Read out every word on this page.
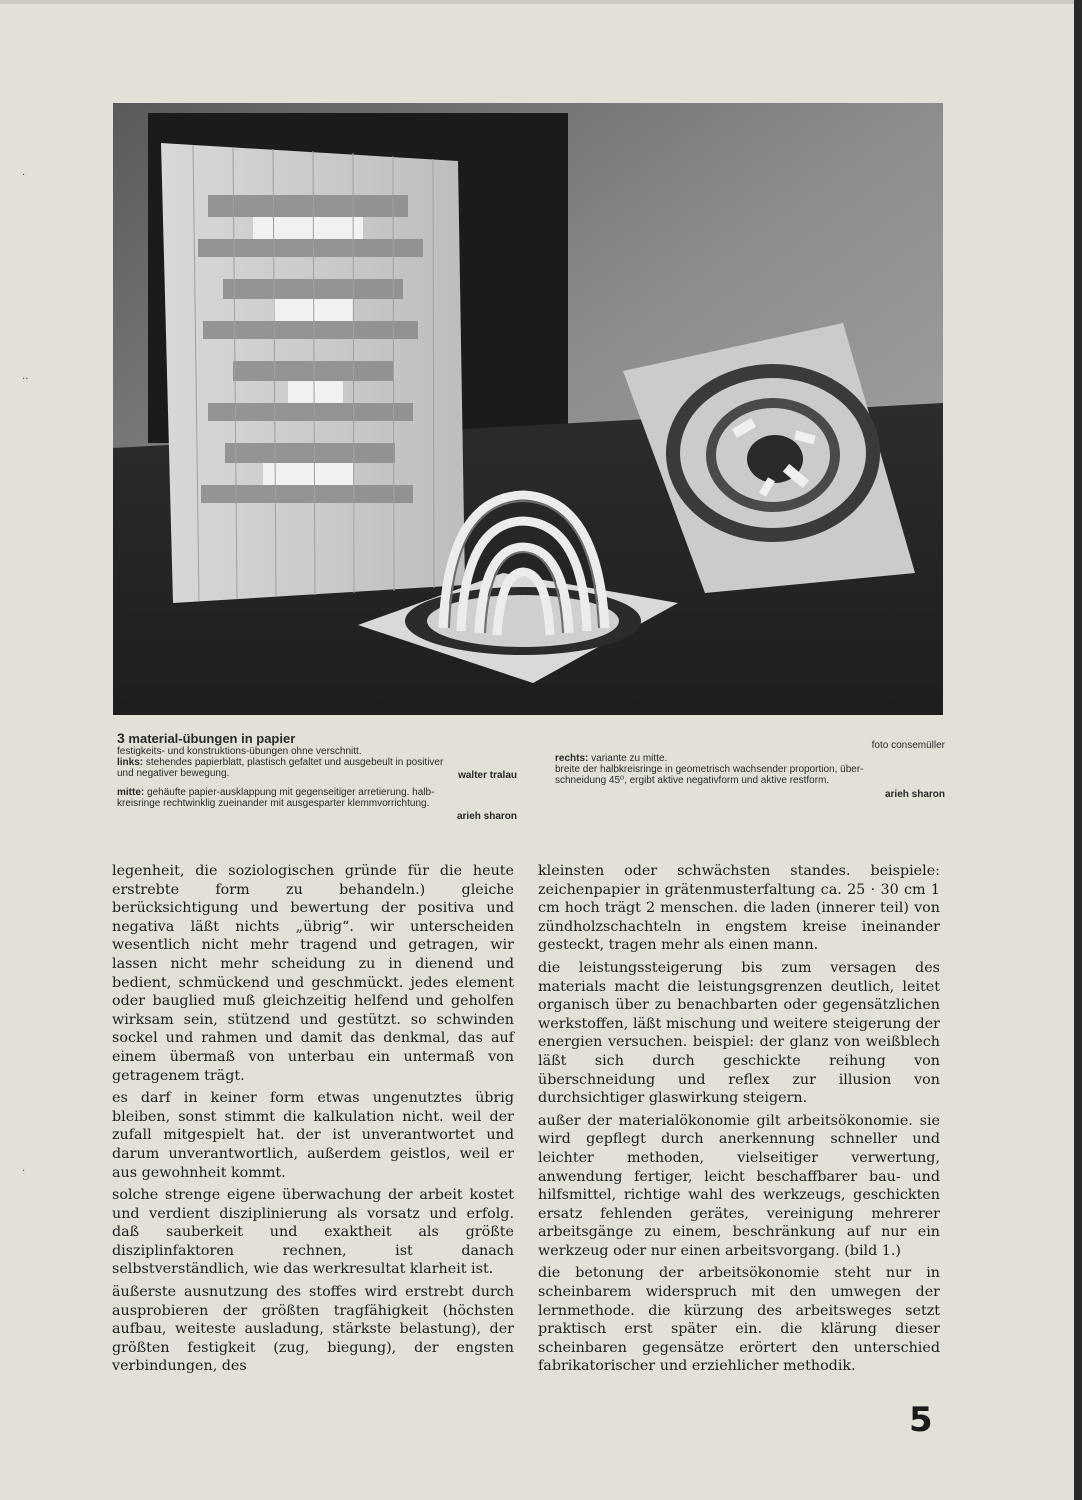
·
··
·
3 material-übungen in papier
festigkeits- und konstruktions-übungen ohne verschnitt.
links: stehendes papierblatt, plastisch gefaltet und ausgebeult in positiver
und negativer bewegung.	walter tralau
mitte: gehäufte papier-ausklappung mit gegenseitiger arretierung. halb-
kreisringe rechtwinklig zueinander mit ausgesparter klemmvorrichtung.
arieh sharon
foto consemüller
rechts: variante zu mitte.
breite der halbkreisringe in geometrisch wachsender proportion, über-
schneidung 45⁰, ergibt aktive negativform und aktive restform.
arieh sharon

legenheit, die soziologischen gründe für die heute erstrebte form zu behandeln.) gleiche berücksichtigung und bewertung der positiva und negativa läßt nichts „übrig“. wir unterscheiden wesentlich nicht mehr tragend und getragen, wir lassen nicht mehr scheidung zu in dienend und bedient, schmückend und geschmückt. jedes element oder bauglied muß gleichzeitig helfend und geholfen wirksam sein, stützend und gestützt. so schwinden sockel und rahmen und damit das denkmal, das auf einem übermaß von unterbau ein untermaß von getragenem trägt.

es darf in keiner form etwas ungenutztes übrig bleiben, sonst stimmt die kalkulation nicht. weil der zufall mitgespielt hat. der ist unverantwortet und darum unverantwortlich, außerdem geistlos, weil er aus gewohnheit kommt.

solche strenge eigene überwachung der arbeit kostet und verdient disziplinierung als vorsatz und erfolg. daß sauberkeit und exaktheit als größte disziplinfaktoren rechnen, ist danach selbstverständlich, wie das werkresultat klarheit ist.

äußerste ausnutzung des stoffes wird erstrebt durch ausprobieren der größten tragfähigkeit (höchsten aufbau, weiteste ausladung, stärkste belastung), der größten festigkeit (zug, biegung), der engsten verbindungen, des

kleinsten oder schwächsten standes. beispiele: zeichenpapier in grätenmusterfaltung ca. 25 · 30 cm 1 cm hoch trägt 2 menschen. die laden (innerer teil) von zündholzschachteln in engstem kreise ineinander gesteckt, tragen mehr als einen mann.

die leistungssteigerung bis zum versagen des materials macht die leistungsgrenzen deutlich, leitet organisch über zu benachbarten oder gegensätzlichen werkstoffen, läßt mischung und weitere steigerung der energien versuchen. beispiel: der glanz von weißblech läßt sich durch geschickte reihung von überschneidung und reflex zur illusion von durchsichtiger glaswirkung steigern.

außer der materialökonomie gilt arbeitsökonomie. sie wird gepflegt durch anerkennung schneller und leichter methoden, vielseitiger verwertung, anwendung fertiger, leicht beschaffbarer bau- und hilfsmittel, richtige wahl des werkzeugs, geschickten ersatz fehlenden gerätes, vereinigung mehrerer arbeitsgänge zu einem, beschränkung auf nur ein werkzeug oder nur einen arbeitsvorgang. (bild 1.)

die betonung der arbeitsökonomie steht nur in scheinbarem widerspruch mit den umwegen der lernmethode. die kürzung des arbeitsweges setzt praktisch erst später ein. die klärung dieser scheinbaren gegensätze erörtert den unterschied fabrikatorischer und erziehlicher methodik.

5
